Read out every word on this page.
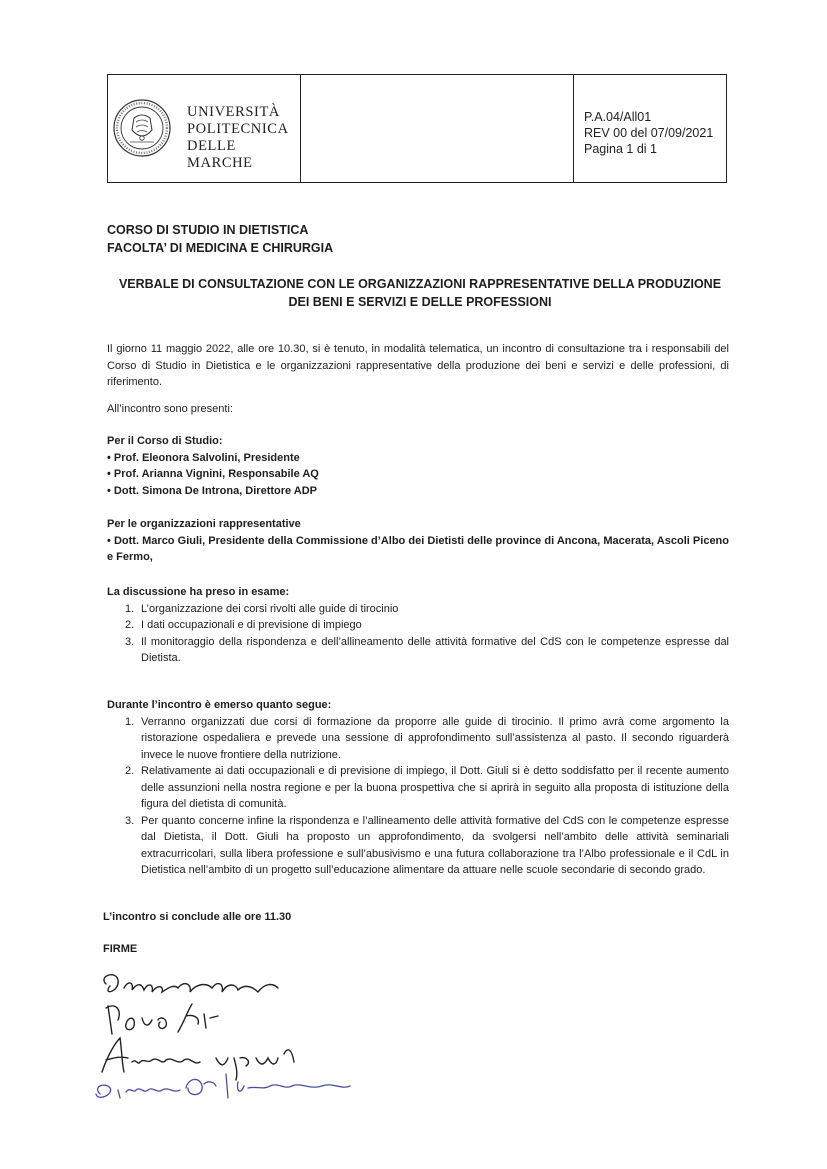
UNIVERSITÀ
POLITECNICA
DELLE MARCHE
P.A.04/All01
REV 00 del 07/09/2021
Pagina 1 di 1
CORSO DI STUDIO IN DIETISTICA
FACOLTA’ DI MEDICINA E CHIRURGIA
VERBALE DI CONSULTAZIONE CON LE ORGANIZZAZIONI RAPPRESENTATIVE DELLA PRODUZIONE
DEI BENI E SERVIZI E DELLE PROFESSIONI
Il giorno 11 maggio 2022, alle ore 10.30, si è tenuto, in modalità telematica, un incontro di consultazione tra i responsabili del Corso di Studio in Dietistica e le organizzazioni rappresentative della produzione dei beni e servizi e delle professioni, di riferimento.
All’incontro sono presenti:
Per il Corso di Studio:
• Prof. Eleonora Salvolini, Presidente
• Prof. Arianna Vignini, Responsabile AQ
• Dott. Simona De Introna, Direttore ADP
Per le organizzazioni rappresentative
• Dott. Marco Giuli, Presidente della Commissione d’Albo dei Dietisti delle province di Ancona, Macerata, Ascoli Piceno e Fermo,
La discussione ha preso in esame:
1. L’organizzazione dei corsi rivolti alle guide di tirocinio
2. I dati occupazionali e di previsione di impiego
3. Il monitoraggio della rispondenza e dell’allineamento delle attività formative del CdS con le competenze espresse dal Dietista.
Durante l’incontro è emerso quanto segue:
1. Verranno organizzati due corsi di formazione da proporre alle guide di tirocinio. Il primo avrà come argomento la ristorazione ospedaliera e prevede una sessione di approfondimento sull’assistenza al pasto. Il secondo riguarderà invece le nuove frontiere della nutrizione.
2. Relativamente ai dati occupazionali e di previsione di impiego, il Dott. Giuli si è detto soddisfatto per il recente aumento delle assunzioni nella nostra regione e per la buona prospettiva che si aprirà in seguito alla proposta di istituzione della figura del dietista di comunità.
3. Per quanto concerne infine la rispondenza e l’allineamento delle attività formative del CdS con le competenze espresse dal Dietista, il Dott. Giuli ha proposto un approfondimento, da svolgersi nell’ambito delle attività seminariali extracurricolari, sulla libera professione e sull’abusivismo e una futura collaborazione tra l’Albo professionale e il CdL in Dietistica nell’ambito di un progetto sull’educazione alimentare da attuare nelle scuole secondarie di secondo grado.
L’incontro si conclude alle ore 11.30
FIRME
